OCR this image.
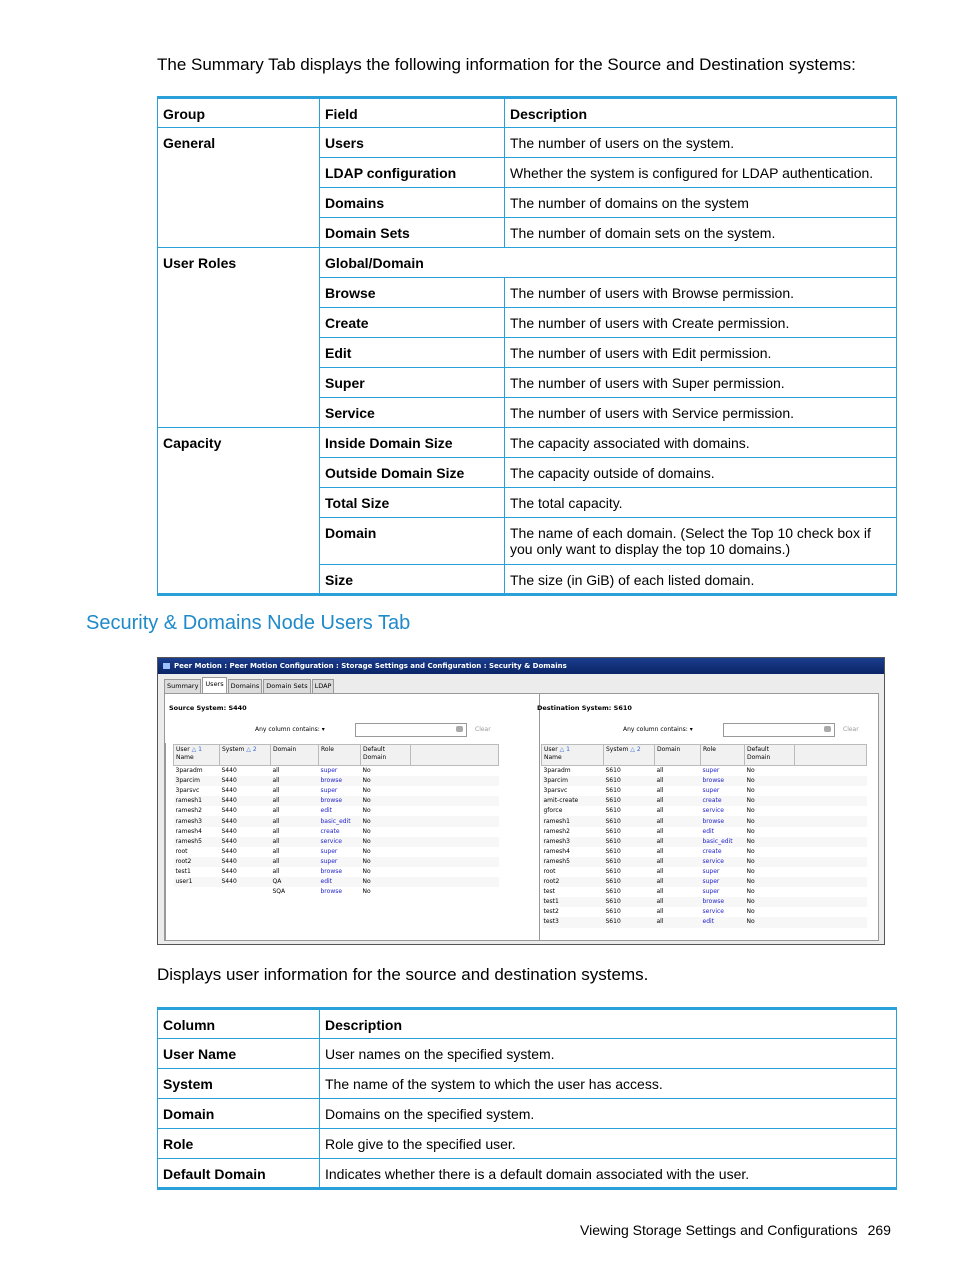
The Summary Tab displays the following information for the Source and Destination systems:

Group	Field	Description
General	Users	The number of users on the system.
	LDAP configuration	Whether the system is configured for LDAP authentication.
	Domains	The number of domains on the system
	Domain Sets	The number of domain sets on the system.
User Roles	Global/Domain	
	Browse	The number of users with Browse permission.
	Create	The number of users with Create permission.
	Edit	The number of users with Edit permission.
	Super	The number of users with Super permission.
	Service	The number of users with Service permission.
Capacity	Inside Domain Size	The capacity associated with domains.
	Outside Domain Size	The capacity outside of domains.
	Total Size	The total capacity.
	Domain	The name of each domain. (Select the Top 10 check box if you only want to display the top 10 domains.)
	Size	The size (in GiB) of each listed domain.
Security & Domains Node Users Tab
Peer Motion : Peer Motion Configuration : Storage Settings and Configuration : Security & Domains
Summary	Users	Domains	Domain Sets	LDAP
Source System: S440
Any column contains: ▾	Clear
User △ 1
Name	System △ 2	Domain	Role	Default
Domain	
3paradm	S440	all	super	No	
3parcim	S440	all	browse	No	
3parsvc	S440	all	super	No	
ramesh1	S440	all	browse	No	
ramesh2	S440	all	edit	No	
ramesh3	S440	all	basic_edit	No	
ramesh4	S440	all	create	No	
ramesh5	S440	all	service	No	
root	S440	all	super	No	
root2	S440	all	super	No	
test1	S440	all	browse	No	
user1	S440	QA	edit	No	
		SQA	browse	No	
Destination System: S610
Any column contains: ▾	Clear
User △ 1
Name	System △ 2	Domain	Role	Default
Domain	
3paradm	S610	all	super	No	
3parcim	S610	all	browse	No	
3parsvc	S610	all	super	No	
amit-create	S610	all	create	No	
gforce	S610	all	service	No	
ramesh1	S610	all	browse	No	
ramesh2	S610	all	edit	No	
ramesh3	S610	all	basic_edit	No	
ramesh4	S610	all	create	No	
ramesh5	S610	all	service	No	
root	S610	all	super	No	
root2	S610	all	super	No	
test	S610	all	super	No	
test1	S610	all	browse	No	
test2	S610	all	service	No	
test3	S610	all	edit	No	

Displays user information for the source and destination systems.

Column	Description
User Name	User names on the specified system.
System	The name of the system to which the user has access.
Domain	Domains on the specified system.
Role	Role give to the specified user.
Default Domain	Indicates whether there is a default domain associated with the user.
Viewing Storage Settings and Configurations 269
